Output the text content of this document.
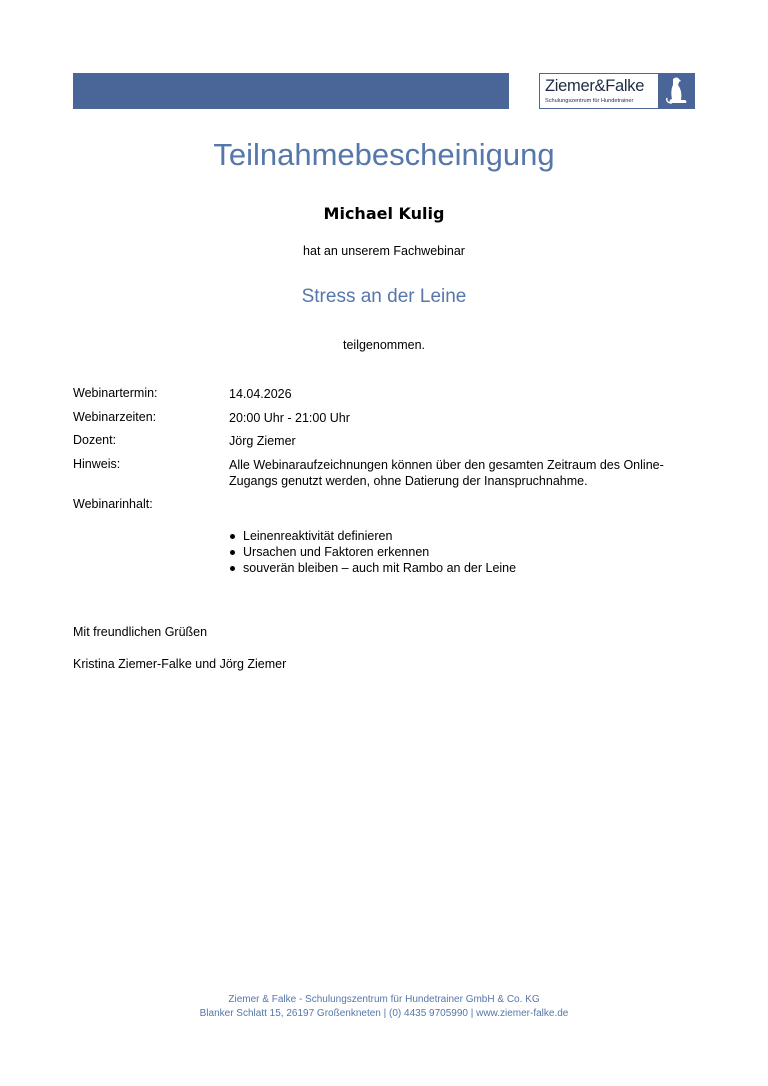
Ziemer&Falke
Schulungszentrum für Hundetrainer
Teilnahmebescheinigung
Michael Kulig
hat an unserem Fachwebinar
Stress an der Leine
teilgenommen.
Webinartermin:	14.04.2026
Webinarzeiten:	20:00 Uhr - 21:00 Uhr
Dozent:	Jörg Ziemer
Hinweis:	Alle Webinaraufzeichnungen können über den gesamten Zeitraum des Online-
Zugangs genutzt werden, ohne Datierung der Inanspruchnahme.
Webinarinhalt:
Leinenreaktivität definieren
Ursachen und Faktoren erkennen
souverän bleiben – auch mit Rambo an der Leine
Mit freundlichen Grüßen
Kristina Ziemer-Falke und Jörg Ziemer
Ziemer & Falke - Schulungszentrum für Hundetrainer GmbH & Co. KG
Blanker Schlatt 15, 26197 Großenkneten | (0) 4435 9705990 | www.ziemer-falke.de
